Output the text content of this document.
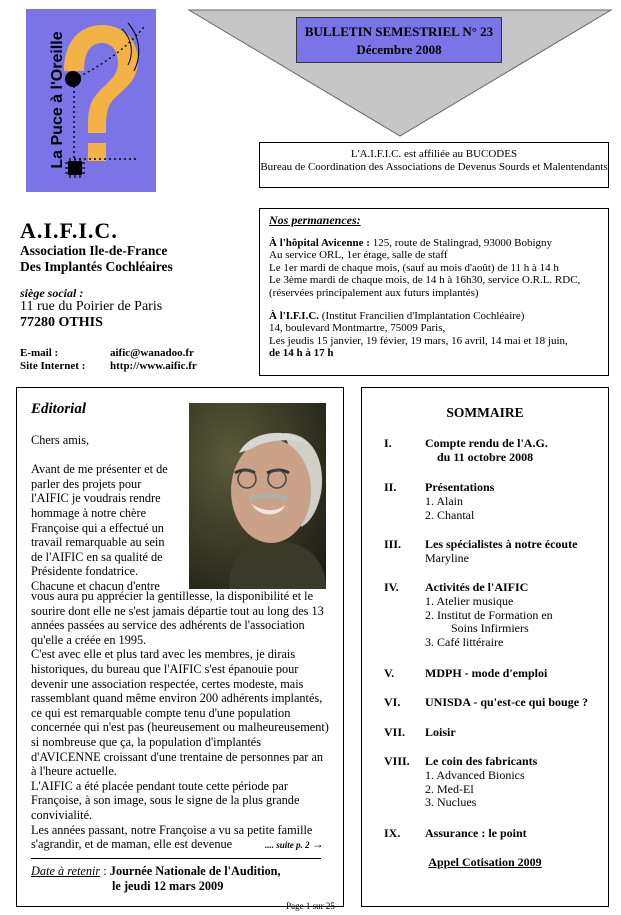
La Puce à l'Oreille	BULLETIN SEMESTRIEL N° 23
Décembre 2008
L'A.I.F.I.C. est affiliée au BUCODES
Bureau de Coordination des Associations de Devenus Sourds et Malentendants
A.I.F.I.C.
Association Ile-de-France
Des Implantés Cochléaires
siège social :
11 rue du Poirier de Paris
77280 OTHIS
E-mail :	aific@wanadoo.fr
Site Internet : http://www.aific.fr
Nos permanences:

À l'hôpital Avicenne : 125, route de Stalingrad, 93000 Bobigny

Au service ORL, 1er étage, salle de staff

Le 1er mardi de chaque mois, (sauf au mois d'août) de 11 h à 14 h

Le 3ème mardi de chaque mois, de 14 h à 16h30, service O.R.L. RDC,

(réservées principalement aux futurs implantés)

À l'I.F.I.C. (Institut Francilien d'Implantation Cochléaire)

14, boulevard Montmartre, 75009 Paris,

Les jeudis 15 janvier, 19 févier, 19 mars, 16 avril, 14 mai et 18 juin,

de 14 h à 17 h

Editorial
Chers amis,
Avant de me présenter et de parler des projets pour l'AIFIC je voudrais rendre hommage à notre chère Françoise qui a effectué un travail remarquable au sein de l'AIFIC en sa qualité de Présidente fondatrice.
Chacune et chacun d'entre

vous aura pu apprécier la gentillesse, la disponibilité et le sourire dont elle ne s'est jamais départie tout au long des 13 années passées au service des adhérents de l'association qu'elle a créée en 1995.

C'est avec elle et plus tard avec les membres, je dirais historiques, du bureau que l'AIFIC s'est épanouie pour devenir une association respectée, certes modeste, mais rassemblant quand même environ 200 adhérents implantés, ce qui est remarquable compte tenu d'une population concernée qui n'est pas (heureusement ou malheureusement) si nombreuse que ça, la population d'implantés d'AVICENNE croissant d'une trentaine de personnes par an à l'heure actuelle.

L'AIFIC a été placée pendant toute cette période par Françoise, à son image, sous le signe de la plus grande convivialité.

Les années passant, notre Françoise a vu sa petite famille s'agrandir, et de maman, elle est devenue	.... suite p. 2 →
Date à retenir : Journée Nationale de l'Audition,
le jeudi 12 mars 2009
SOMMAIRE
I.	Compte rendu de l'A.G.
du 11 octobre 2008
II. Présentations
1. Alain
2. Chantal
III. Les spécialistes à notre écoute
Maryline
IV. Activités de l'AIFIC
1. Atelier musique
2. Institut de Formation en
Soins Infirmiers
3. Café littéraire
V.	MDPH - mode d'emploi
VI. UNISDA - qu'est-ce qui bouge ?
VII. Loisir
VIII. Le coin des fabricants
1. Advanced Bionics
2. Med-El
3. Nuclues
IX. Assurance : le point
Appel Cotisation 2009
Page 1 sur 25
